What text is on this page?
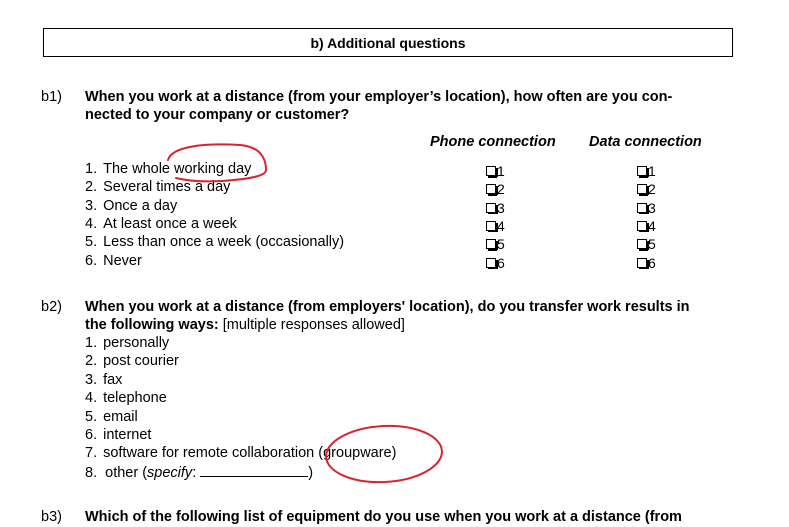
b) Additional questions
b1) When you work at a distance (from your employer’s location), how often are you con-
nected to your company or customer?
Phone connection Data connection
1. The whole working day	1	1
2. Several times a day	2	2
3. Once a day	3	3
4. At least once a week	4	4
5. Less than once a week (occasionally)	5	5
6. Never	6	6
b2) When you work at a distance (from employers' location), do you transfer work results in
the following ways: [multiple responses allowed]
1. personally
2. post courier
3. fax
4. telephone
5. email
6. internet
7. software for remote collaboration (groupware)
8. other (specify:	)
b3) Which of the following list of equipment do you use when you work at a distance (from
